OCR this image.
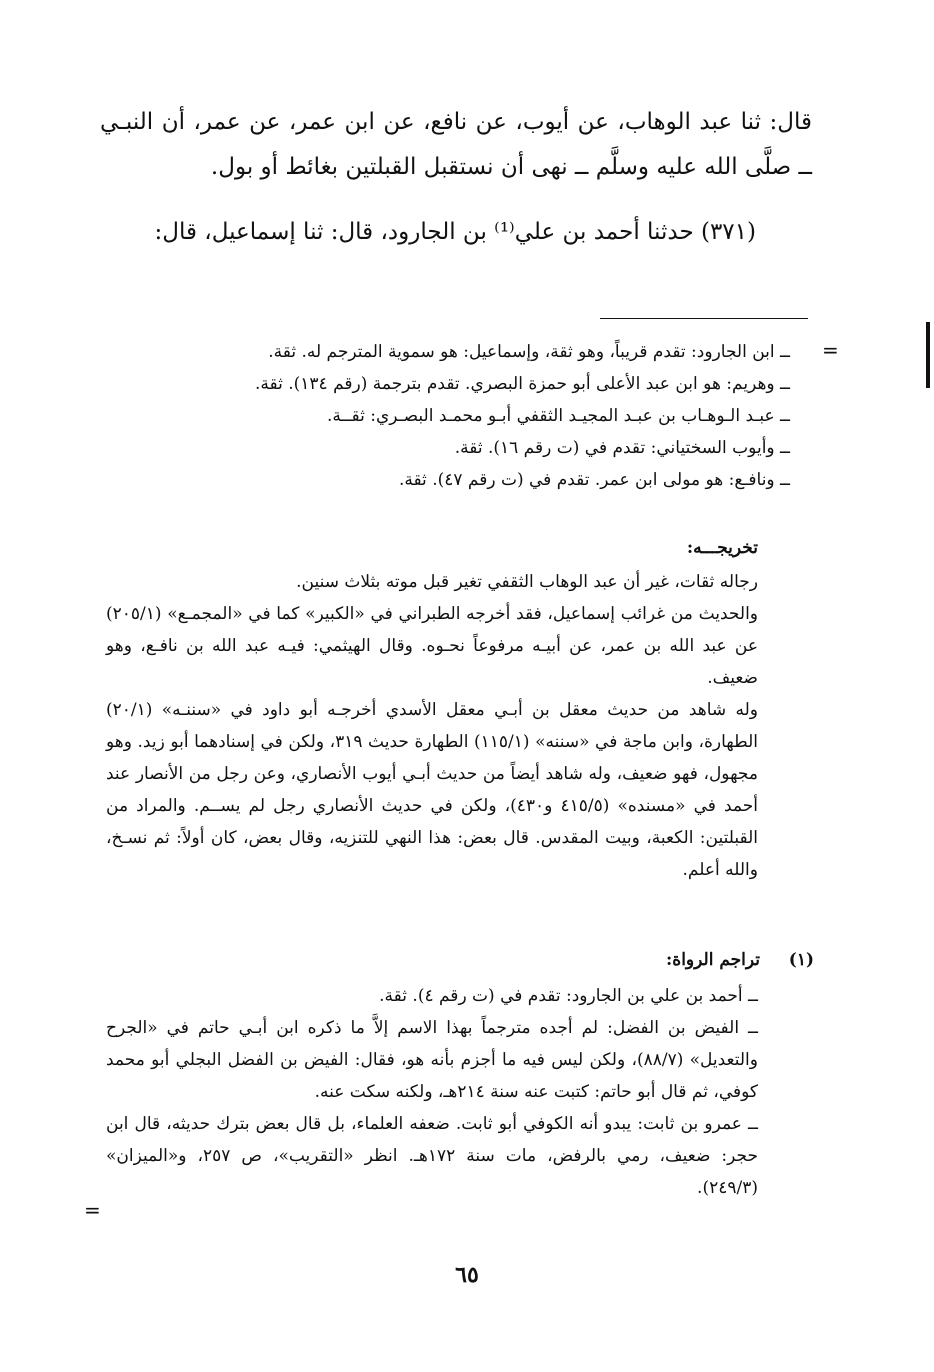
قال: ثنا عبد الوهاب، عن أيوب، عن نافع، عن ابن عمر، عن عمر، أن النبـي ــ صلَّى الله عليه وسلَّم ــ نهى أن نستقبل القبلتين بغائط أو بول.

(٣٧١) حدثنا أحمد بن علي⁽¹⁾ بن الجارود، قال: ثنا إسماعيل، قال:

=
ــ ابن الجارود: تقدم قريباً، وهو ثقة، وإسماعيل: هو سموية المترجم له. ثقة.
ــ وهريم: هو ابن عبد الأعلى أبو حمزة البصري. تقدم بترجمة (رقم ١٣٤). ثقة.
ــ عبـد الـوهـاب بن عبـد المجيـد الثقفي أبـو محمـد البصـري: ثقــة.
ــ وأيوب السختياني: تقدم في (ت رقم ١٦). ثقة.
ــ ونافـع: هو مولى ابن عمر. تقدم في (ت رقم ٤٧). ثقة.
تخريجـــه:

رجاله ثقات، غير أن عبد الوهاب الثقفي تغير قبل موته بثلاث سنين.

والحديث من غرائب إسماعيل، فقد أخرجه الطبراني في «الكبير» كما في «المجمـع» (٢٠٥/١) عن عبد الله بن عمر، عن أبيـه مرفوعاً نحـوه. وقال الهيثمي: فيـه عبد الله بن نافـع، وهو ضعيف.

وله شاهد من حديث معقل بن أبـي معقل الأسدي أخرجـه أبو داود في «سننـه» (٢٠/١) الطهارة، وابن ماجة في «سننه» (١١٥/١) الطهارة حديث ٣١٩، ولكن في إسنادهما أبو زيد. وهو مجهول، فهو ضعيف، وله شاهد أيضاً من حديث أبـي أيوب الأنصاري، وعن رجل من الأنصار عند أحمد في «مسنده» (٤١٥/٥ و٤٣٠)، ولكن في حديث الأنصاري رجل لم يســم. والمراد من القبلتين: الكعبة، وبيت المقدس. قال بعض: هذا النهي للتنزيه، وقال بعض، كان أولاً: ثم نسـخ، والله أعلم.

(١)
تراجم الرواة:

ــ أحمد بن علي بن الجارود: تقدم في (ت رقم ٤). ثقة.

ــ الفيض بن الفضل: لم أجده مترجماً بهذا الاسم إلاَّ ما ذكره ابن أبـي حاتم في «الجرح والتعديل» (٨٨/٧)، ولكن ليس فيه ما أجزم بأنه هو، فقال: الفيض بن الفضل البجلي أبو محمد كوفي، ثم قال أبو حاتم: كتبت عنه سنة ٢١٤هـ، ولكنه سكت عنه.

ــ عمرو بن ثابت: يبدو أنه الكوفي أبو ثابت. ضعفه العلماء، بل قال بعض بترك حديثه، قال ابن حجر: ضعيف، رمي بالرفض، مات سنة ١٧٢هـ. انظر «التقريب»، ص ٢٥٧، و«الميزان» (٢٤٩/٣).

=
٦٥
